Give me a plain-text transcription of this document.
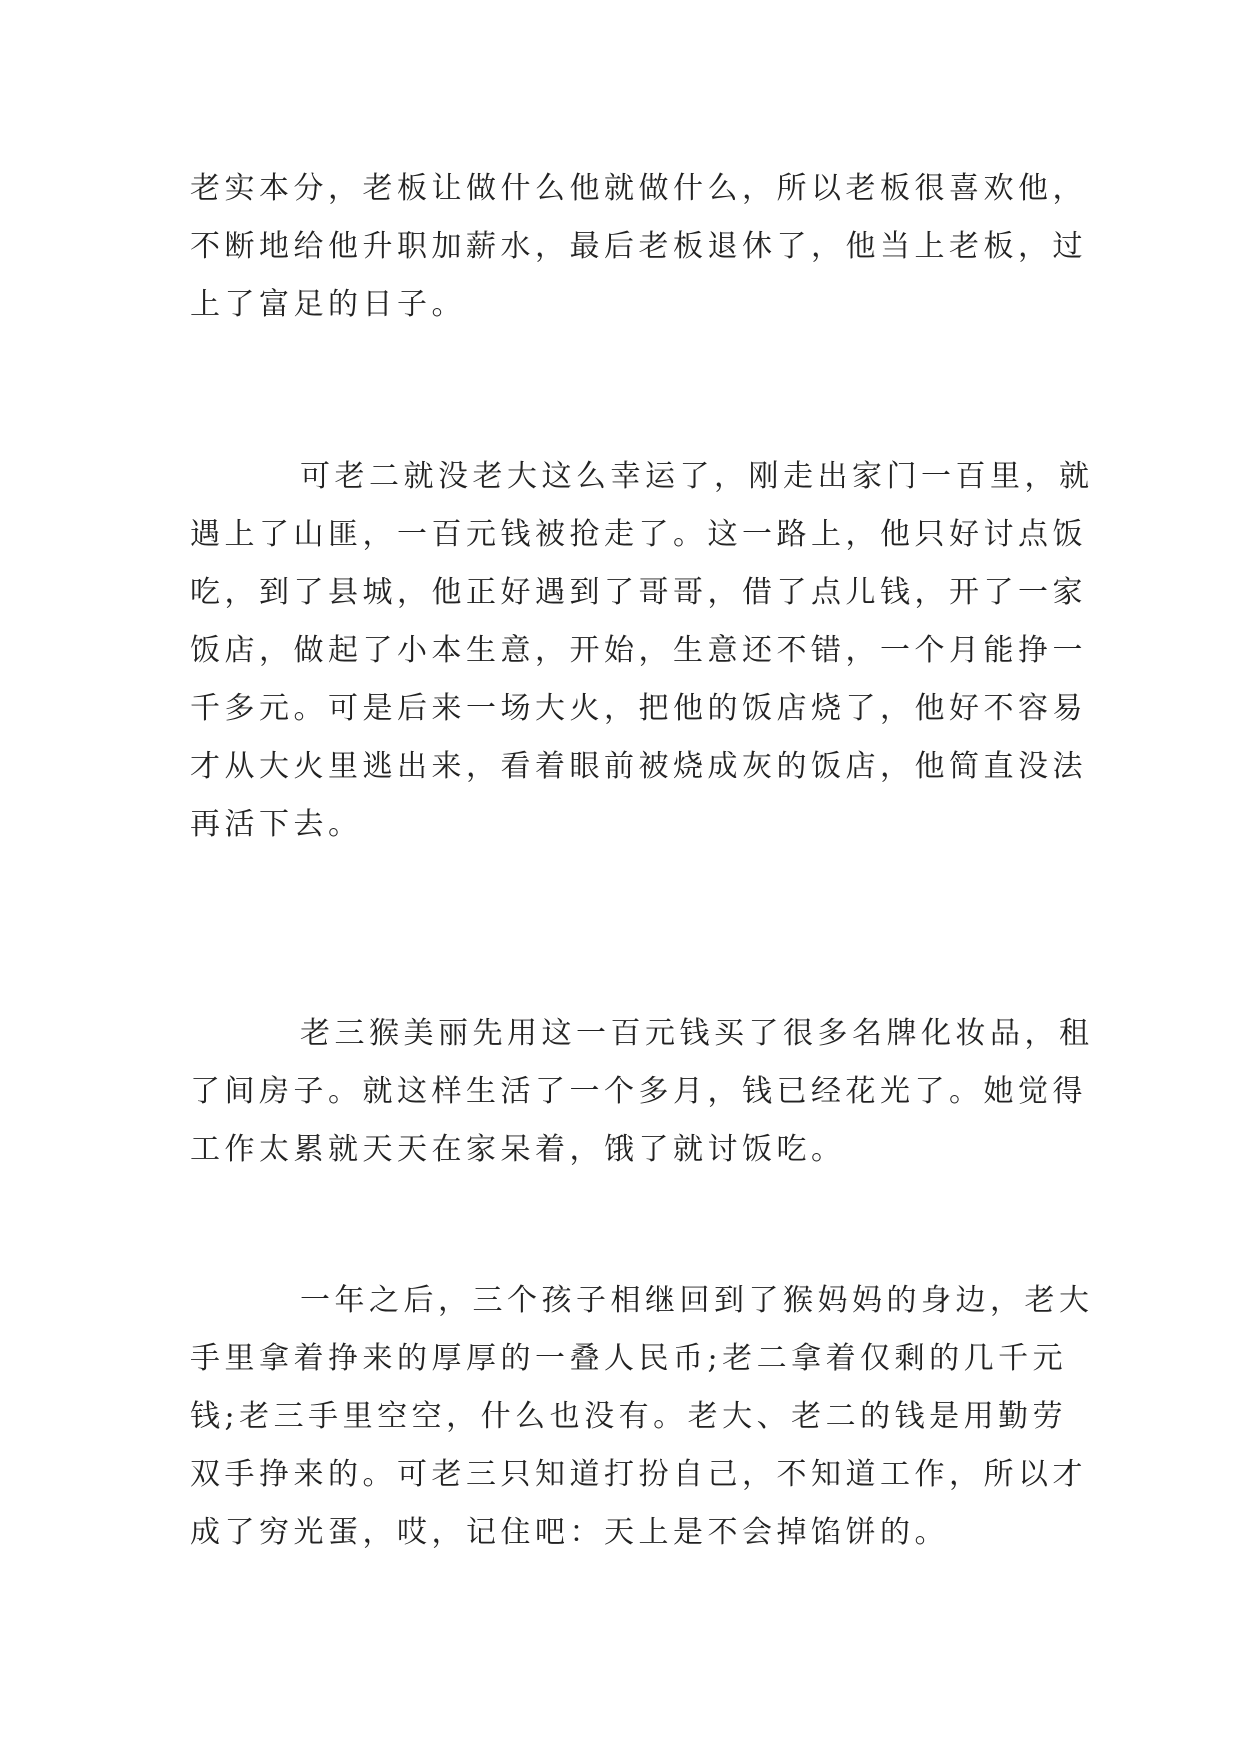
老实本分，老板让做什么他就做什么，所以老板很喜欢他，
不断地给他升职加薪水，最后老板退休了，他当上老板，过
上了富足的日子。
可老二就没老大这么幸运了，刚走出家门一百里，就
遇上了山匪，一百元钱被抢走了。这一路上，他只好讨点饭
吃，到了县城，他正好遇到了哥哥，借了点儿钱，开了一家
饭店，做起了小本生意，开始，生意还不错，一个月能挣一
千多元。可是后来一场大火，把他的饭店烧了，他好不容易
才从大火里逃出来，看着眼前被烧成灰的饭店，他简直没法
再活下去。
老三猴美丽先用这一百元钱买了很多名牌化妆品，租
了间房子。就这样生活了一个多月，钱已经花光了。她觉得
工作太累就天天在家呆着，饿了就讨饭吃。
一年之后，三个孩子相继回到了猴妈妈的身边，老大
手里拿着挣来的厚厚的一叠人民币;老二拿着仅剩的几千元
钱;老三手里空空，什么也没有。老大、老二的钱是用勤劳
双手挣来的。可老三只知道打扮自己，不知道工作，所以才
成了穷光蛋，哎，记住吧：天上是不会掉馅饼的。
